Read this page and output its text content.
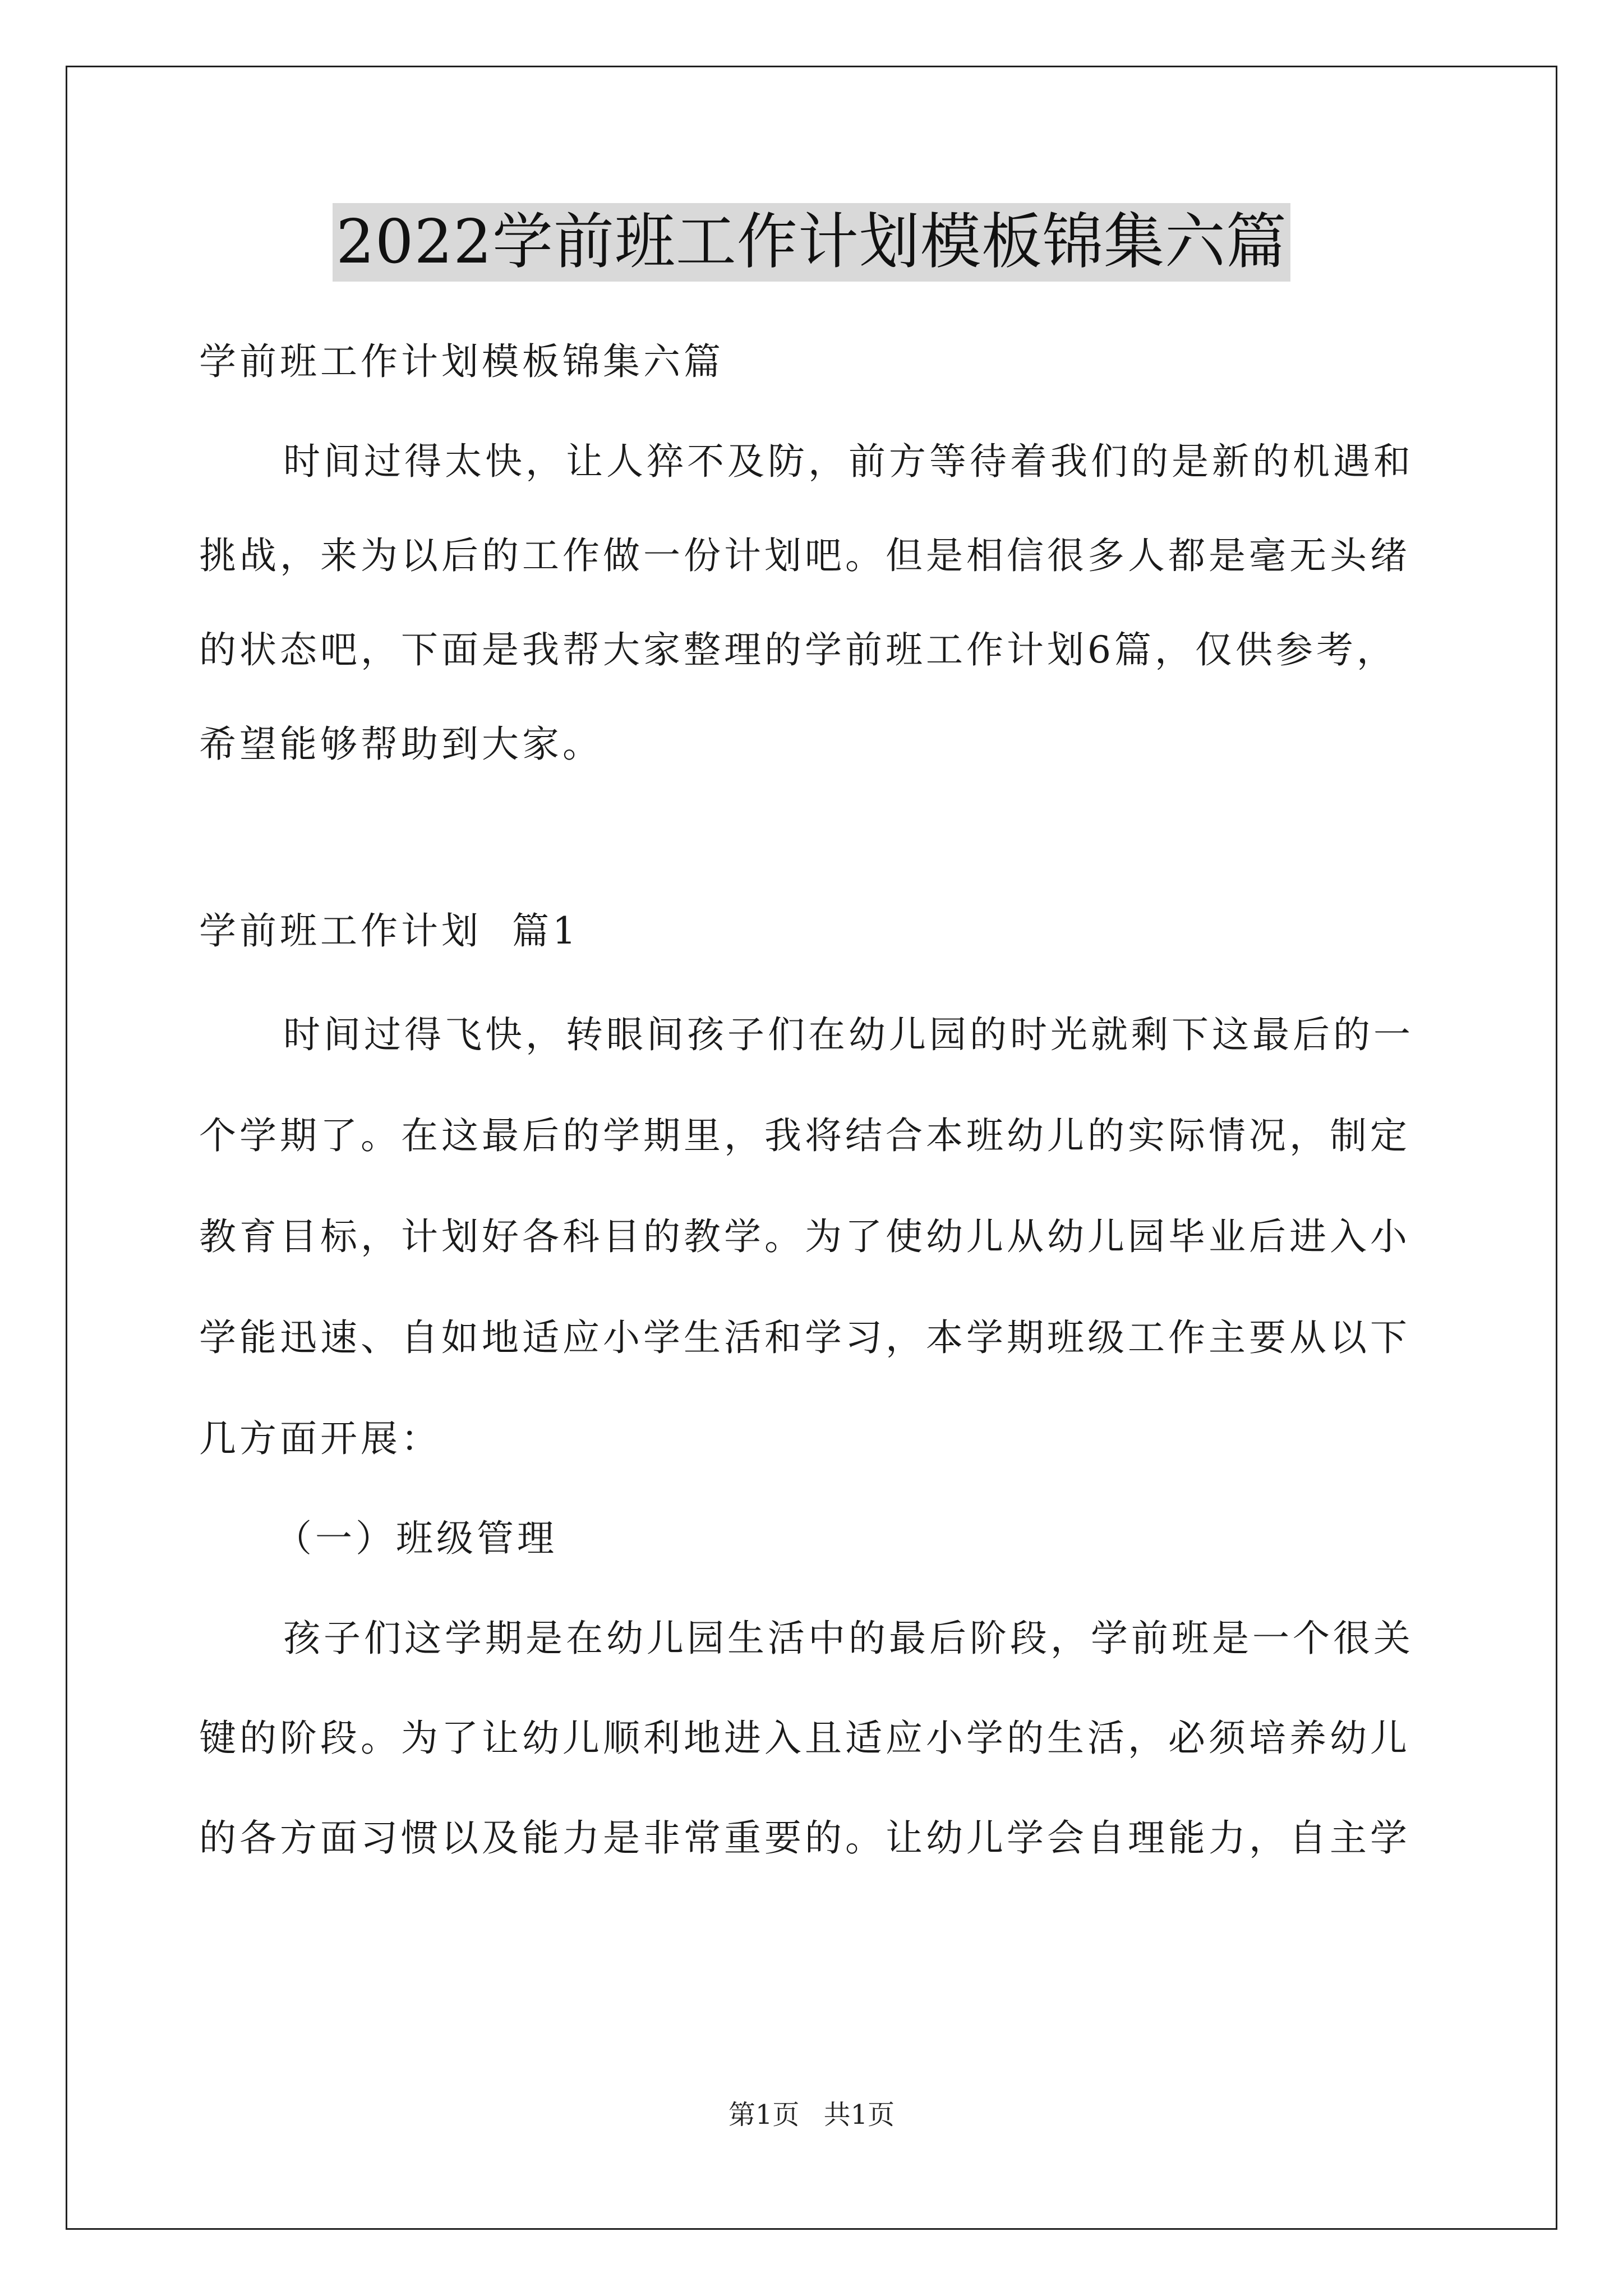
2022学前班工作计划模板锦集六篇

学前班工作计划模板锦集六篇

时间过得太快，让人猝不及防，前方等待着我们的是新的机遇和

挑战，来为以后的工作做一份计划吧。但是相信很多人都是毫无头绪

的状态吧，下面是我帮大家整理的学前班工作计划6篇，仅供参考，

希望能够帮助到大家。

学前班工作计划  篇1

时间过得飞快，转眼间孩子们在幼儿园的时光就剩下这最后的一

个学期了。在这最后的学期里，我将结合本班幼儿的实际情况，制定

教育目标，计划好各科目的教学。为了使幼儿从幼儿园毕业后进入小

学能迅速、自如地适应小学生活和学习，本学期班级工作主要从以下

几方面开展：

（一）班级管理

孩子们这学期是在幼儿园生活中的最后阶段，学前班是一个很关

键的阶段。为了让幼儿顺利地进入且适应小学的生活，必须培养幼儿

的各方面习惯以及能力是非常重要的。让幼儿学会自理能力，自主学

第1页 共1页
